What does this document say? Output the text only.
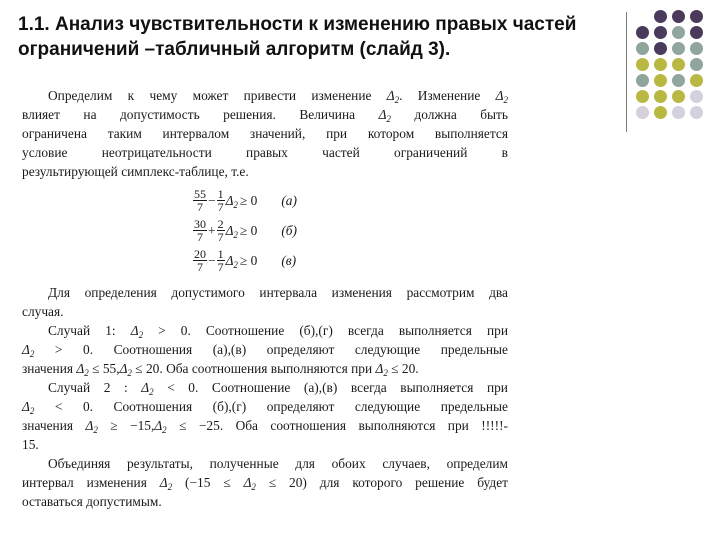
1.1. Анализ чувствительности к изменению правых частей ограничений –табличный алгоритм (слайд 3).

Определим к чему может привести изменение $\Delta_2$. Изменение $\Delta_2$

влияет на допустимость решения. Величина $\Delta_2$ должна быть

ограничена таким интервалом значений, при котором выполняется

условие неотрицательности правых частей ограничений в

результирующей симплекс-таблице, т.е.

$\frac{55}{7} - \frac{1}{7} \Delta_2 \ge 0$ (а)
$\frac{30}{7} + \frac{2}{7} \Delta_2 \ge 0$ (б)
$\frac{20}{7} - \frac{1}{7} \Delta_2 \ge 0$ (в)

Для определения допустимого интервала изменения рассмотрим два

случая.

Случай 1: $\Delta_2 > 0$. Соотношение (б),(г) всегда выполняется при

$\Delta_2 > 0$. Соотношения (а),(в) определяют следующие предельные

значения $\Delta_2 \le 55,\Delta_2 \le 20$. Оба соотношения выполняются при $\Delta_2 \le 20$.

Случай 2 : $\Delta_2 < 0$. Соотношение (а),(в) всегда выполняется при

$\Delta_2 < 0$. Соотношения (б),(г) определяют следующие предельные

значения $\Delta_2 \ge -15,\Delta_2 \le -25$. Оба соотношения выполняются при !!!!!-

15.

Объединяя результаты, полученные для обоих случаев, определим

интервал изменения $\Delta_2$ $(-15 \le \Delta_2 \le 20)$ для которого решение будет

оставаться допустимым.
